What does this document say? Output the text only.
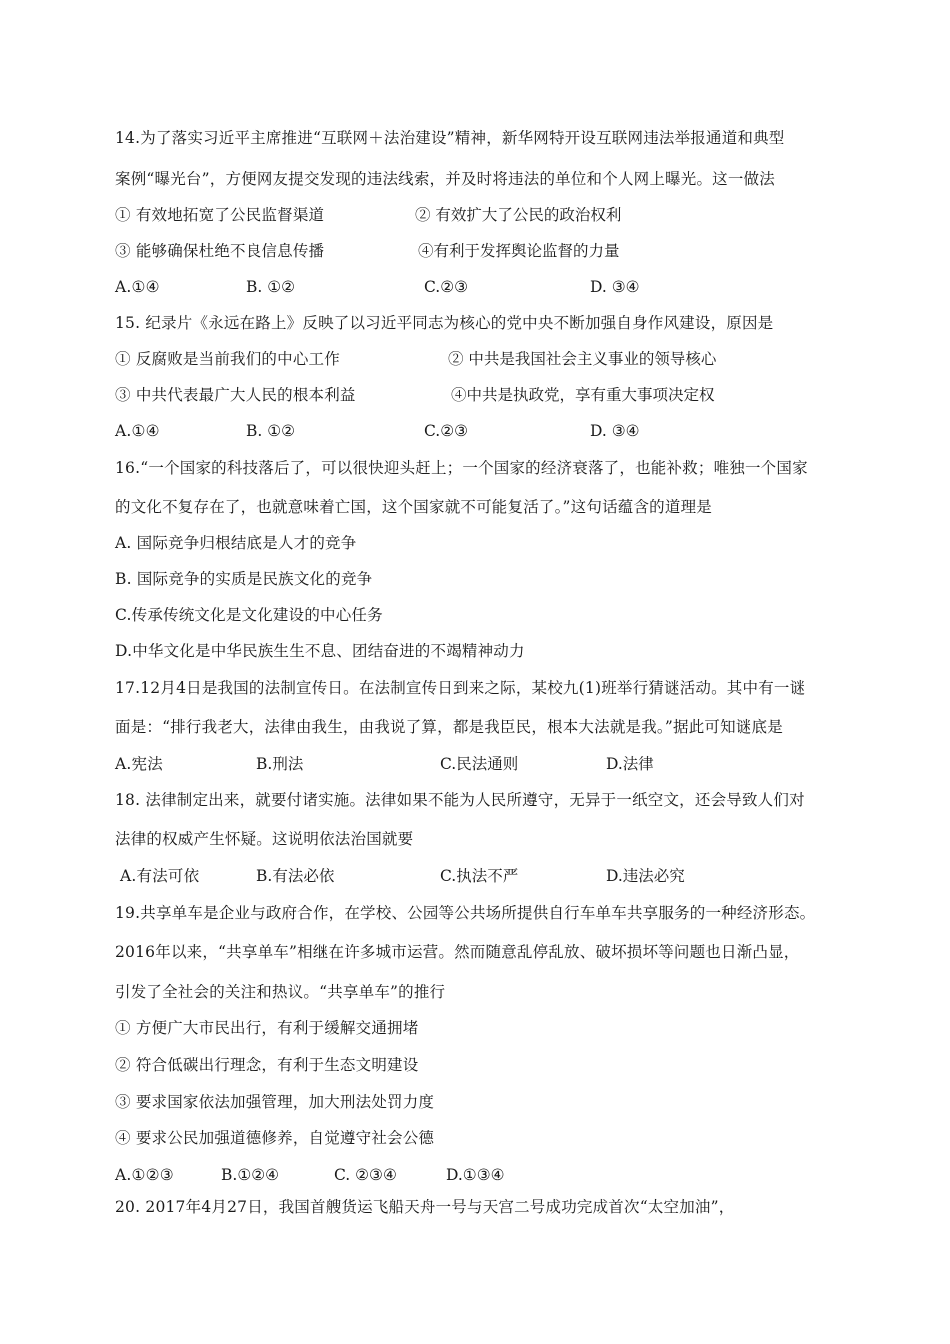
14.为了落实习近平主席推进“互联网＋法治建设”精神，新华网特开设互联网违法举报通道和典型
案例“曝光台”，方便网友提交发现的违法线索，并及时将违法的单位和个人网上曝光。这一做法
① 有效地拓宽了公民监督渠道	② 有效扩大了公民的政治权利
③ 能够确保杜绝不良信息传播	④有利于发挥舆论监督的力量
A.①④	B. ①②	C.②③	D. ③④
15. 纪录片《永远在路上》反映了以习近平同志为核心的党中央不断加强自身作风建设，原因是
① 反腐败是当前我们的中心工作	② 中共是我国社会主义事业的领导核心
③ 中共代表最广大人民的根本利益	④中共是执政党，享有重大事项决定权
A.①④	B. ①②	C.②③	D. ③④
16.“一个国家的科技落后了，可以很快迎头赶上；一个国家的经济衰落了，也能补救；唯独一个国家
的文化不复存在了，也就意味着亡国，这个国家就不可能复活了。”这句话蕴含的道理是
A. 国际竞争归根结底是人才的竞争
B. 国际竞争的实质是民族文化的竞争
C.传承传统文化是文化建设的中心任务
D.中华文化是中华民族生生不息、团结奋进的不竭精神动力
17.12月4日是我国的法制宣传日。在法制宣传日到来之际，某校九(1)班举行猜谜活动。其中有一谜
面是：“排行我老大，法律由我生，由我说了算，都是我臣民，根本大法就是我。”据此可知谜底是
A.宪法	B.刑法	C.民法通则	D.法律
18. 法律制定出来，就要付诸实施。法律如果不能为人民所遵守，无异于一纸空文，还会导致人们对
法律的权威产生怀疑。这说明依法治国就要
A.有法可依	B.有法必依	C.执法不严	D.违法必究
19.共享单车是企业与政府合作，在学校、公园等公共场所提供自行车单车共享服务的一种经济形态。
2016年以来，“共享单车”相继在许多城市运营。然而随意乱停乱放、破坏损坏等问题也日渐凸显，
引发了全社会的关注和热议。“共享单车”的推行
① 方便广大市民出行，有利于缓解交通拥堵
② 符合低碳出行理念，有利于生态文明建设
③ 要求国家依法加强管理，加大刑法处罚力度
④ 要求公民加强道德修养，自觉遵守社会公德
A.①②③	B.①②④	C. ②③④	D.①③④
20. 2017年4月27日，我国首艘货运飞船天舟一号与天宫二号成功完成首次“太空加油”，
